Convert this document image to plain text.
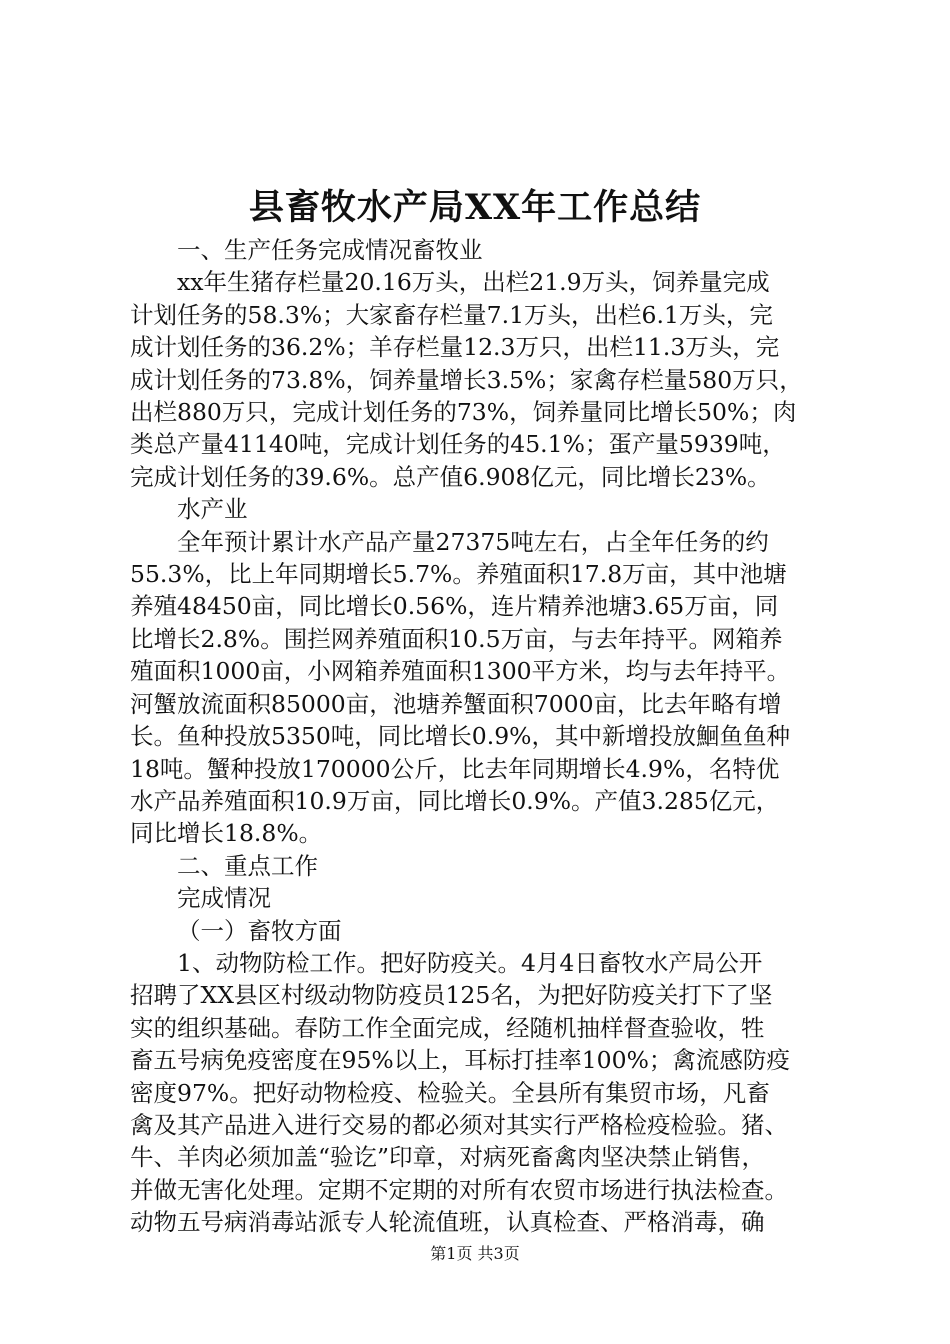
县畜牧水产局XX年工作总结

一、生产任务完成情况畜牧业

xx年生猪存栏量20.16万头，出栏21.9万头，饲养量完成

计划任务的58.3%；大家畜存栏量7.1万头，出栏6.1万头，完

成计划任务的36.2%；羊存栏量12.3万只，出栏11.3万头，完

成计划任务的73.8%，饲养量增长3.5%；家禽存栏量580万只，

出栏880万只，完成计划任务的73%，饲养量同比增长50%；肉

类总产量41140吨，完成计划任务的45.1%；蛋产量5939吨，

完成计划任务的39.6%。总产值6.908亿元，同比增长23%。

水产业

全年预计累计水产品产量27375吨左右，占全年任务的约

55.3%，比上年同期增长5.7%。养殖面积17.8万亩，其中池塘

养殖48450亩，同比增长0.56%，连片精养池塘3.65万亩，同

比增长2.8%。围拦网养殖面积10.5万亩，与去年持平。网箱养

殖面积1000亩，小网箱养殖面积1300平方米，均与去年持平。

河蟹放流面积85000亩，池塘养蟹面积7000亩，比去年略有增

长。鱼种投放5350吨，同比增长0.9%，其中新增投放鮰鱼鱼种

18吨。蟹种投放170000公斤，比去年同期增长4.9%，名特优

水产品养殖面积10.9万亩，同比增长0.9%。产值3.285亿元，

同比增长18.8%。

二、重点工作

完成情况

（一）畜牧方面

1、动物防检工作。把好防疫关。4月4日畜牧水产局公开

招聘了XX县区村级动物防疫员125名，为把好防疫关打下了坚

实的组织基础。春防工作全面完成，经随机抽样督查验收，牲

畜五号病免疫密度在95%以上，耳标打挂率100%；禽流感防疫

密度97%。把好动物检疫、检验关。全县所有集贸市场，凡畜

禽及其产品进入进行交易的都必须对其实行严格检疫检验。猪、

牛、羊肉必须加盖“验讫”印章，对病死畜禽肉坚决禁止销售，

并做无害化处理。定期不定期的对所有农贸市场进行执法检查。

动物五号病消毒站派专人轮流值班，认真检查、严格消毒，确

第1页 共3页
